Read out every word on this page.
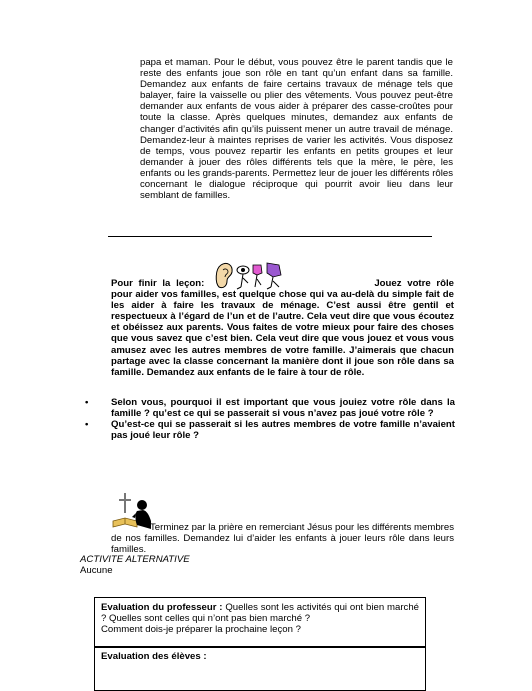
papa et maman. Pour le début, vous pouvez être le parent tandis que le reste des enfants joue son rôle en tant qu’un enfant dans sa famille. Demandez aux enfants de faire certains travaux de ménage tels que balayer, faire la vaisselle ou plier des vêtements. Vous pouvez peut-être demander aux enfants de vous aider à préparer des casse-croûtes pour toute la classe. Après quelques minutes, demandez aux enfants de changer d’activités afin qu’ils puissent mener un autre travail de ménage. Demandez-leur à maintes reprises de varier les activités. Vous disposez de temps, vous pouvez repartir les enfants en petits groupes et leur demander à jouer des rôles différents tels que la mère, le père, les enfants ou les grands-parents. Permettez leur de jouer les différents rôles concernant le dialogue réciproque qui pourrit avoir lieu dans leur semblant de familles.

Pour finir la leçon:	Jouez votre rôle pour aider vos familles, est quelque chose qui va au-delà du simple fait de les aider à faire les travaux de ménage. C’est aussi être gentil et respectueux à l’égard de l’un et de l’autre. Cela veut dire que vous écoutez et obéissez aux parents. Vous faites de votre mieux pour faire des choses que vous savez que c’est bien. Cela veut dire que vous jouez et vous vous amusez avec les autres membres de votre famille. J’aimerais que chacun partage avec la classe concernant la manière dont il joue son rôle dans sa famille. Demandez aux enfants de le faire à tour de rôle.

• Selon vous, pourquoi il est important que vous jouiez votre rôle dans la famille ? qu’est ce qui se passerait si vous n’avez pas joué votre rôle ?
• Qu’est-ce qui se passerait si les autres membres de votre famille n’avaient pas joué leur rôle ?

Terminez par la prière en remerciant Jésus pour les différents membres de nos familles. Demandez lui d’aider les enfants à jouer leurs rôle dans leurs familles.

ACTIVITE ALTERNATIVE
Aucune
Evaluation du professeur : Quelles sont les activités qui ont bien marché ? Quelles sont celles qui n’ont pas bien marché ?
Comment dois-je préparer la prochaine leçon ?
Evaluation des élèves :
